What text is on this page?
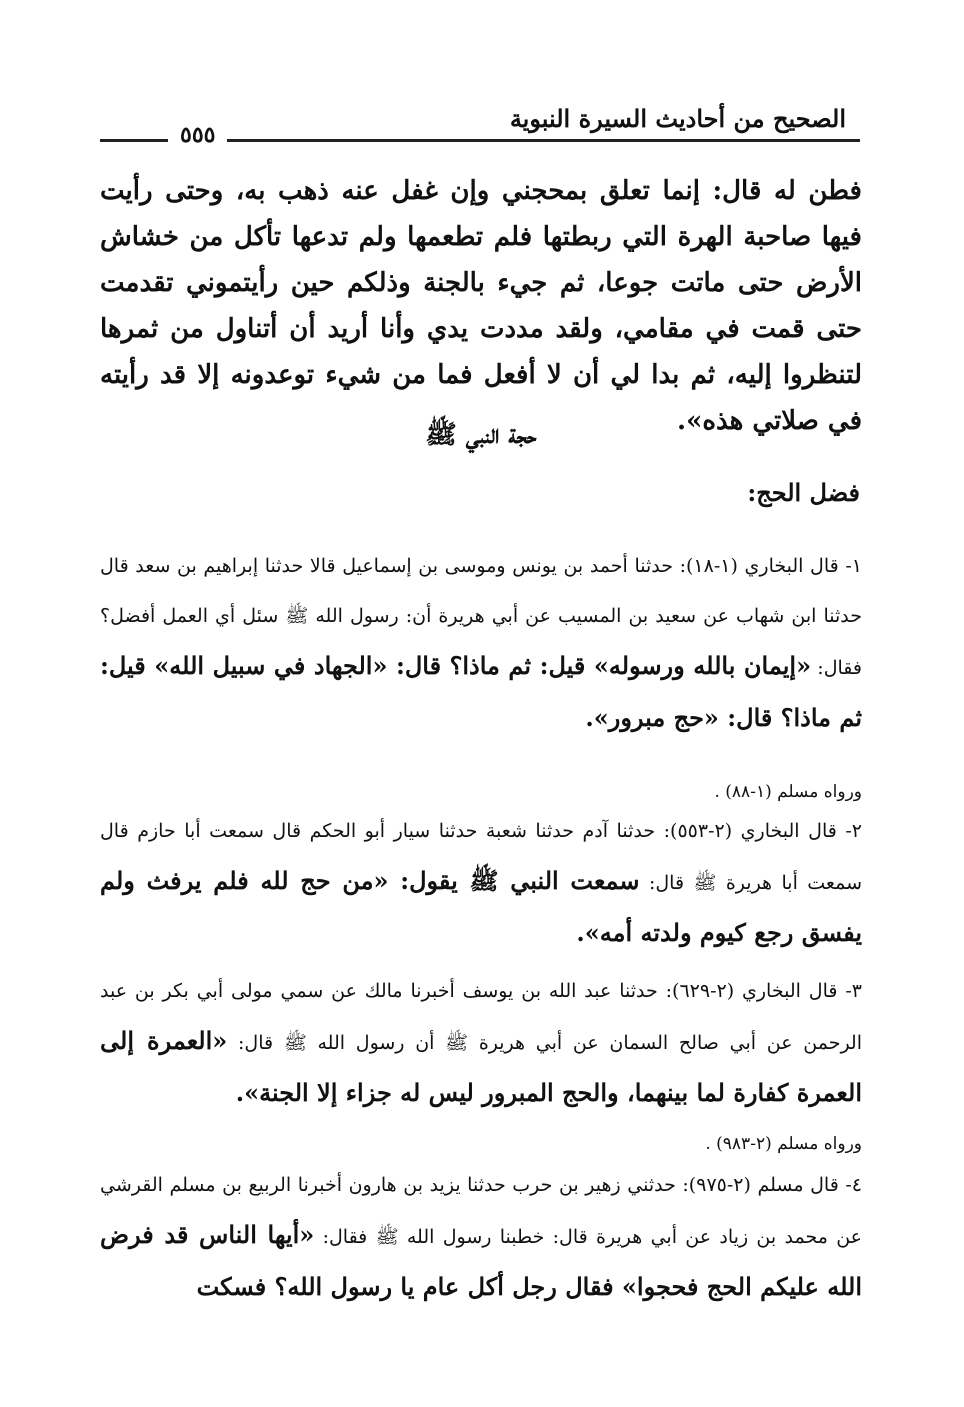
الصحيح من أحاديث السيرة النبوية
٥٥٥
فطن له قال: إنما تعلق بمحجني وإن غفل عنه ذهب به، وحتى رأيت فيها صاحبة الهرة التي ربطتها فلم تطعمها ولم تدعها تأكل من خشاش الأرض حتى ماتت جوعا، ثم جيء بالجنة وذلكم حين رأيتموني تقدمت حتى قمت في مقامي، ولقد مددت يدي وأنا أريد أن أتناول من ثمرها لتنظروا إليه، ثم بدا لي أن لا أفعل فما من شيء توعدونه إلا قد رأيته في صلاتي هذه».
حجة النبي ﷺ
فضل الحج:
١- قال البخاري (١-١٨): حدثنا أحمد بن يونس وموسى بن إسماعيل قالا حدثنا إبراهيم بن سعد قال حدثنا ابن شهاب عن سعيد بن المسيب عن أبي هريرة أن: رسول الله ﷺ سئل أي العمل أفضل؟ فقال: «إيمان بالله ورسوله» قيل: ثم ماذا؟ قال: «الجهاد في سبيل الله» قيل: ثم ماذا؟ قال: «حج مبرور».
ورواه مسلم (١-٨٨) .
٢- قال البخاري (٢-٥٥٣): حدثنا آدم حدثنا شعبة حدثنا سيار أبو الحكم قال سمعت أبا حازم قال سمعت أبا هريرة ﷺ قال: سمعت النبي ﷺ يقول: «من حج لله فلم يرفث ولم يفسق رجع كيوم ولدته أمه».
٣- قال البخاري (٢-٦٢٩): حدثنا عبد الله بن يوسف أخبرنا مالك عن سمي مولى أبي بكر بن عبد الرحمن عن أبي صالح السمان عن أبي هريرة ﷺ أن رسول الله ﷺ قال: «العمرة إلى العمرة كفارة لما بينهما، والحج المبرور ليس له جزاء إلا الجنة».
ورواه مسلم (٢-٩٨٣) .
٤- قال مسلم (٢-٩٧٥): حدثني زهير بن حرب حدثنا يزيد بن هارون أخبرنا الربيع بن مسلم القرشي عن محمد بن زياد عن أبي هريرة قال: خطبنا رسول الله ﷺ فقال: «أيها الناس قد فرض الله عليكم الحج فحجوا» فقال رجل أكل عام يا رسول الله؟ فسكت
